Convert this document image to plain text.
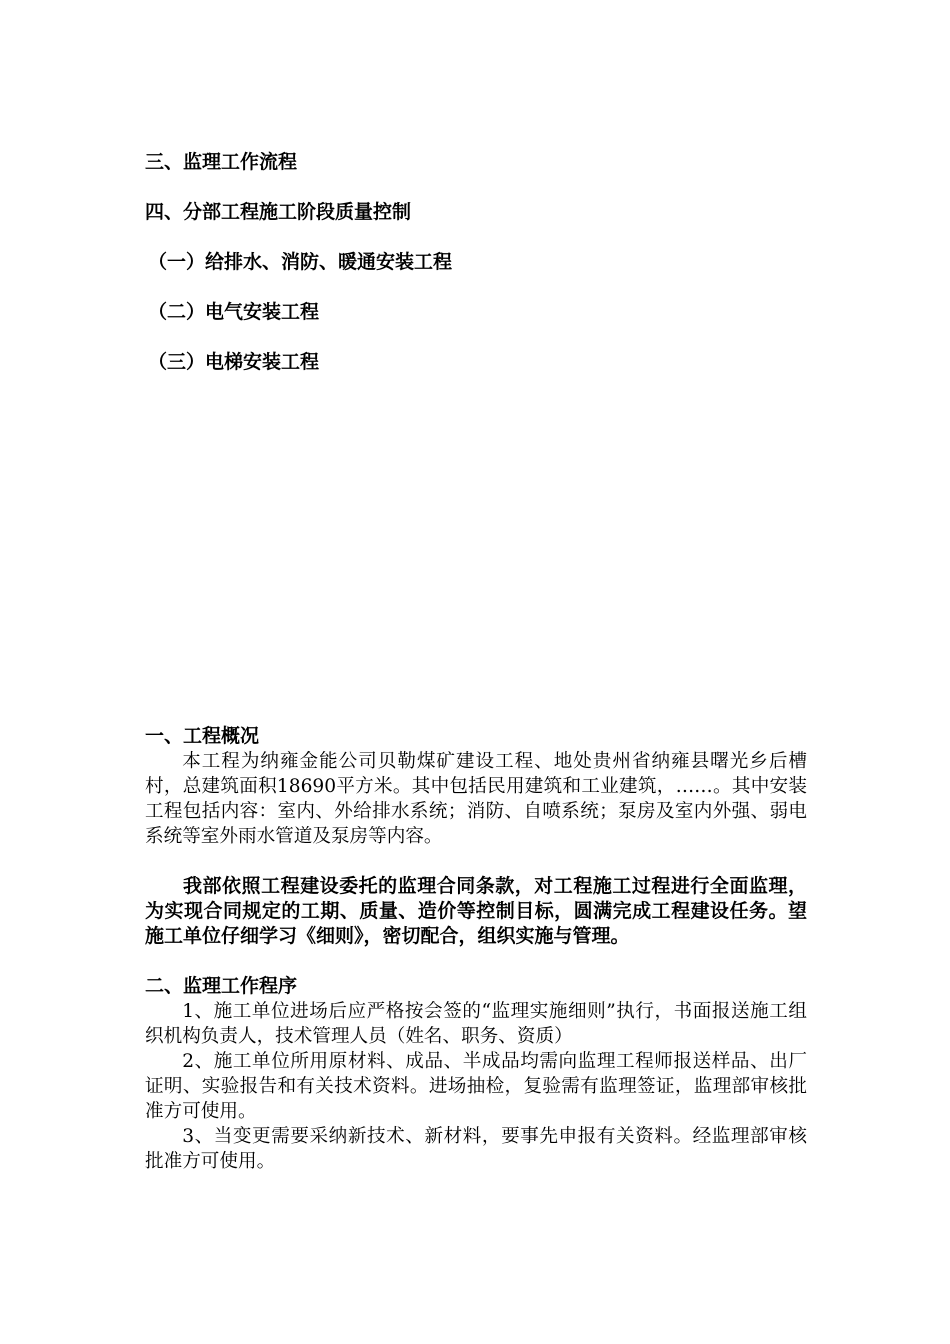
三、监理工作流程
四、分部工程施工阶段质量控制
（一）给排水、消防、暖通安装工程
（二）电气安装工程
（三）电梯安装工程

一、工程概况

本工程为纳雍金能公司贝勒煤矿建设工程、地处贵州省纳雍县曙光乡后槽村，总建筑面积18690平方米。其中包括民用建筑和工业建筑，……。其中安装工程包括内容：室内、外给排水系统；消防、自喷系统；泵房及室内外强、弱电系统等室外雨水管道及泵房等内容。

我部依照工程建设委托的监理合同条款，对工程施工过程进行全面监理，为实现合同规定的工期、质量、造价等控制目标，圆满完成工程建设任务。望施工单位仔细学习《细则》，密切配合，组织实施与管理。

二、监理工作程序

1、施工单位进场后应严格按会签的“监理实施细则”执行，书面报送施工组织机构负责人，技术管理人员（姓名、职务、资质）

2、施工单位所用原材料、成品、半成品均需向监理工程师报送样品、出厂证明、实验报告和有关技术资料。进场抽检，复验需有监理签证，监理部审核批准方可使用。

3、当变更需要采纳新技术、新材料，要事先申报有关资料。经监理部审核批准方可使用。
